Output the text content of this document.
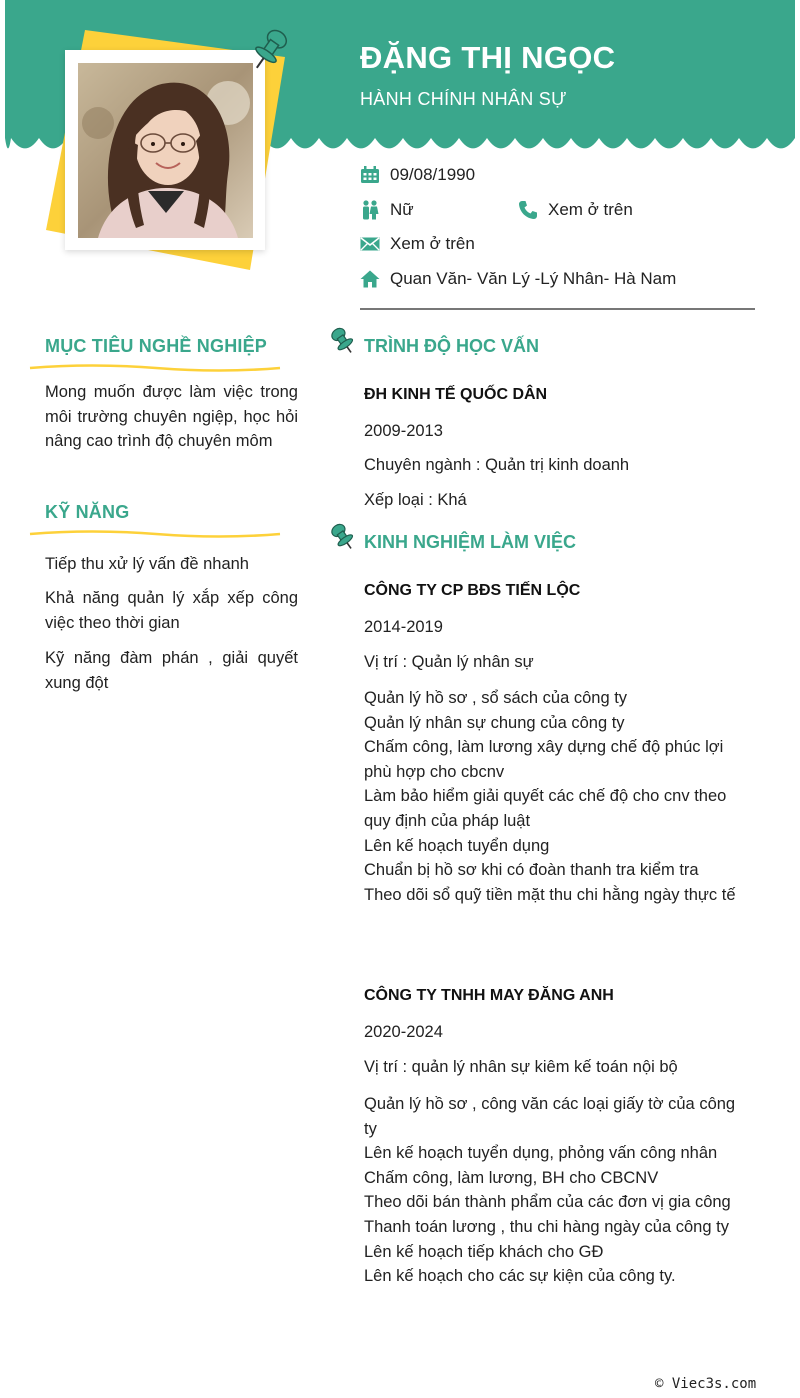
ĐẶNG THỊ NGỌC
HÀNH CHÍNH NHÂN SỰ
09/08/1990
Nữ	Xem ở trên
Xem ở trên
Quan Văn- Văn Lý -Lý Nhân- Hà Nam
MỤC TIÊU NGHỀ NGHIỆP
Mong muốn được làm việc trong môi trường chuyên ngiệp, học hỏi nâng cao trình độ chuyên môm
KỸ NĂNG
Tiếp thu xử lý vấn đề nhanh
Khả năng quản lý xắp xếp công việc theo thời gian
Kỹ năng đàm phán , giải quyết xung đột
TRÌNH ĐỘ HỌC VẤN
ĐH KINH TẾ QUỐC DÂN
2009-2013
Chuyên ngành : Quản trị kinh doanh
Xếp loại : Khá
KINH NGHIỆM LÀM VIỆC
CÔNG TY CP BĐS TIẾN LỘC
2014-2019
Vị trí : Quản lý nhân sự
Quản lý hồ sơ , sổ sách của công ty
Quản lý nhân sự chung của công ty
Chấm công, làm lương xây dựng chế độ phúc lợi phù hợp cho cbcnv
Làm bảo hiểm giải quyết các chế độ cho cnv theo quy định của pháp luật
Lên kế hoạch tuyển dụng
Chuẩn bị hồ sơ khi có đoàn thanh tra kiểm tra
Theo dõi sổ quỹ tiền mặt thu chi hằng ngày thực tế
CÔNG TY TNHH MAY ĐĂNG ANH
2020-2024
Vị trí : quản lý nhân sự kiêm kế toán nội bộ
Quản lý hồ sơ , công văn các loại giấy tờ của công ty
Lên kế hoạch tuyển dụng, phỏng vấn công nhân
Chấm công, làm lương, BH cho CBCNV
Theo dõi bán thành phẩm của các đơn vị gia công
Thanh toán lương , thu chi hàng ngày của công ty
Lên kế hoạch tiếp khách cho GĐ
Lên kế hoạch cho các sự kiện của công ty.
© Viec3s.com
